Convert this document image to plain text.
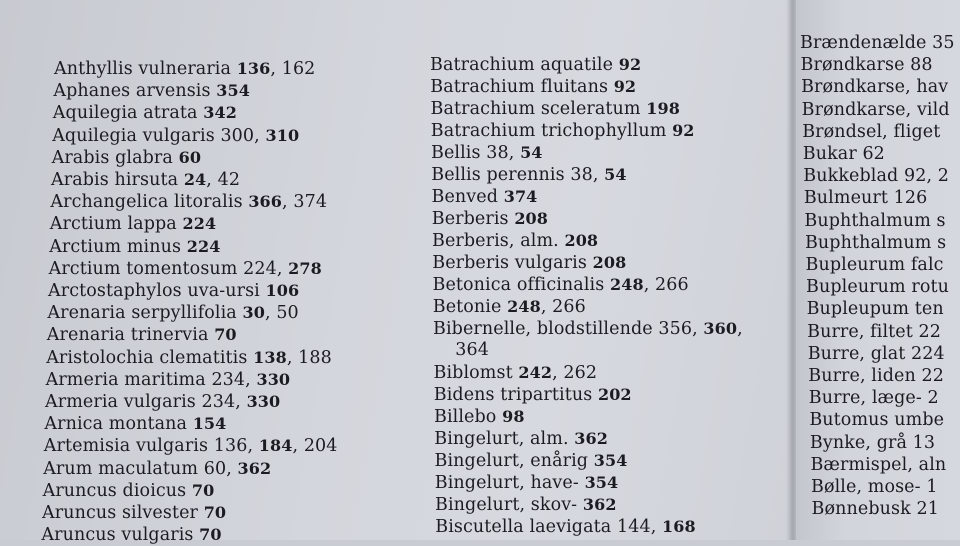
Anthyllis vulneraria 136, 162
Aphanes arvensis 354
Aquilegia atrata 342
Aquilegia vulgaris 300, 310
Arabis glabra 60
Arabis hirsuta 24, 42
Archangelica litoralis 366, 374
Arctium lappa 224
Arctium minus 224
Arctium tomentosum 224, 278
Arctostaphylos uva-ursi 106
Arenaria serpyllifolia 30, 50
Arenaria trinervia 70
Aristolochia clematitis 138, 188
Armeria maritima 234, 330
Armeria vulgaris 234, 330
Arnica montana 154
Artemisia vulgaris 136, 184, 204
Arum maculatum 60, 362
Aruncus dioicus 70
Aruncus silvester 70
Aruncus vulgaris 70
Batrachium aquatile 92
Batrachium fluitans 92
Batrachium sceleratum 198
Batrachium trichophyllum 92
Bellis 38, 54
Bellis perennis 38, 54
Benved 374
Berberis 208
Berberis, alm. 208
Berberis vulgaris 208
Betonica officinalis 248, 266
Betonie 248, 266
Bibernelle, blodstillende 356, 360,
364
Biblomst 242, 262
Bidens tripartitus 202
Billebo 98
Bingelurt, alm. 362
Bingelurt, enårig 354
Bingelurt, have- 354
Bingelurt, skov- 362
Biscutella laevigata 144, 168
Brændenælde 35
Brøndkarse 88
Brøndkarse, hav
Brøndkarse, vild
Brøndsel, fliget
Bukar 62
Bukkeblad 92, 2
Bulmeurt 126
Buphthalmum s
Buphthalmum s
Bupleurum falc
Bupleurum rotu
Bupleupum ten
Burre, filtet 22
Burre, glat 224
Burre, liden 22
Burre, læge- 2
Butomus umbe
Bynke, grå 13
Bærmispel, aln
Bølle, mose- 1
Bønnebusk 21
